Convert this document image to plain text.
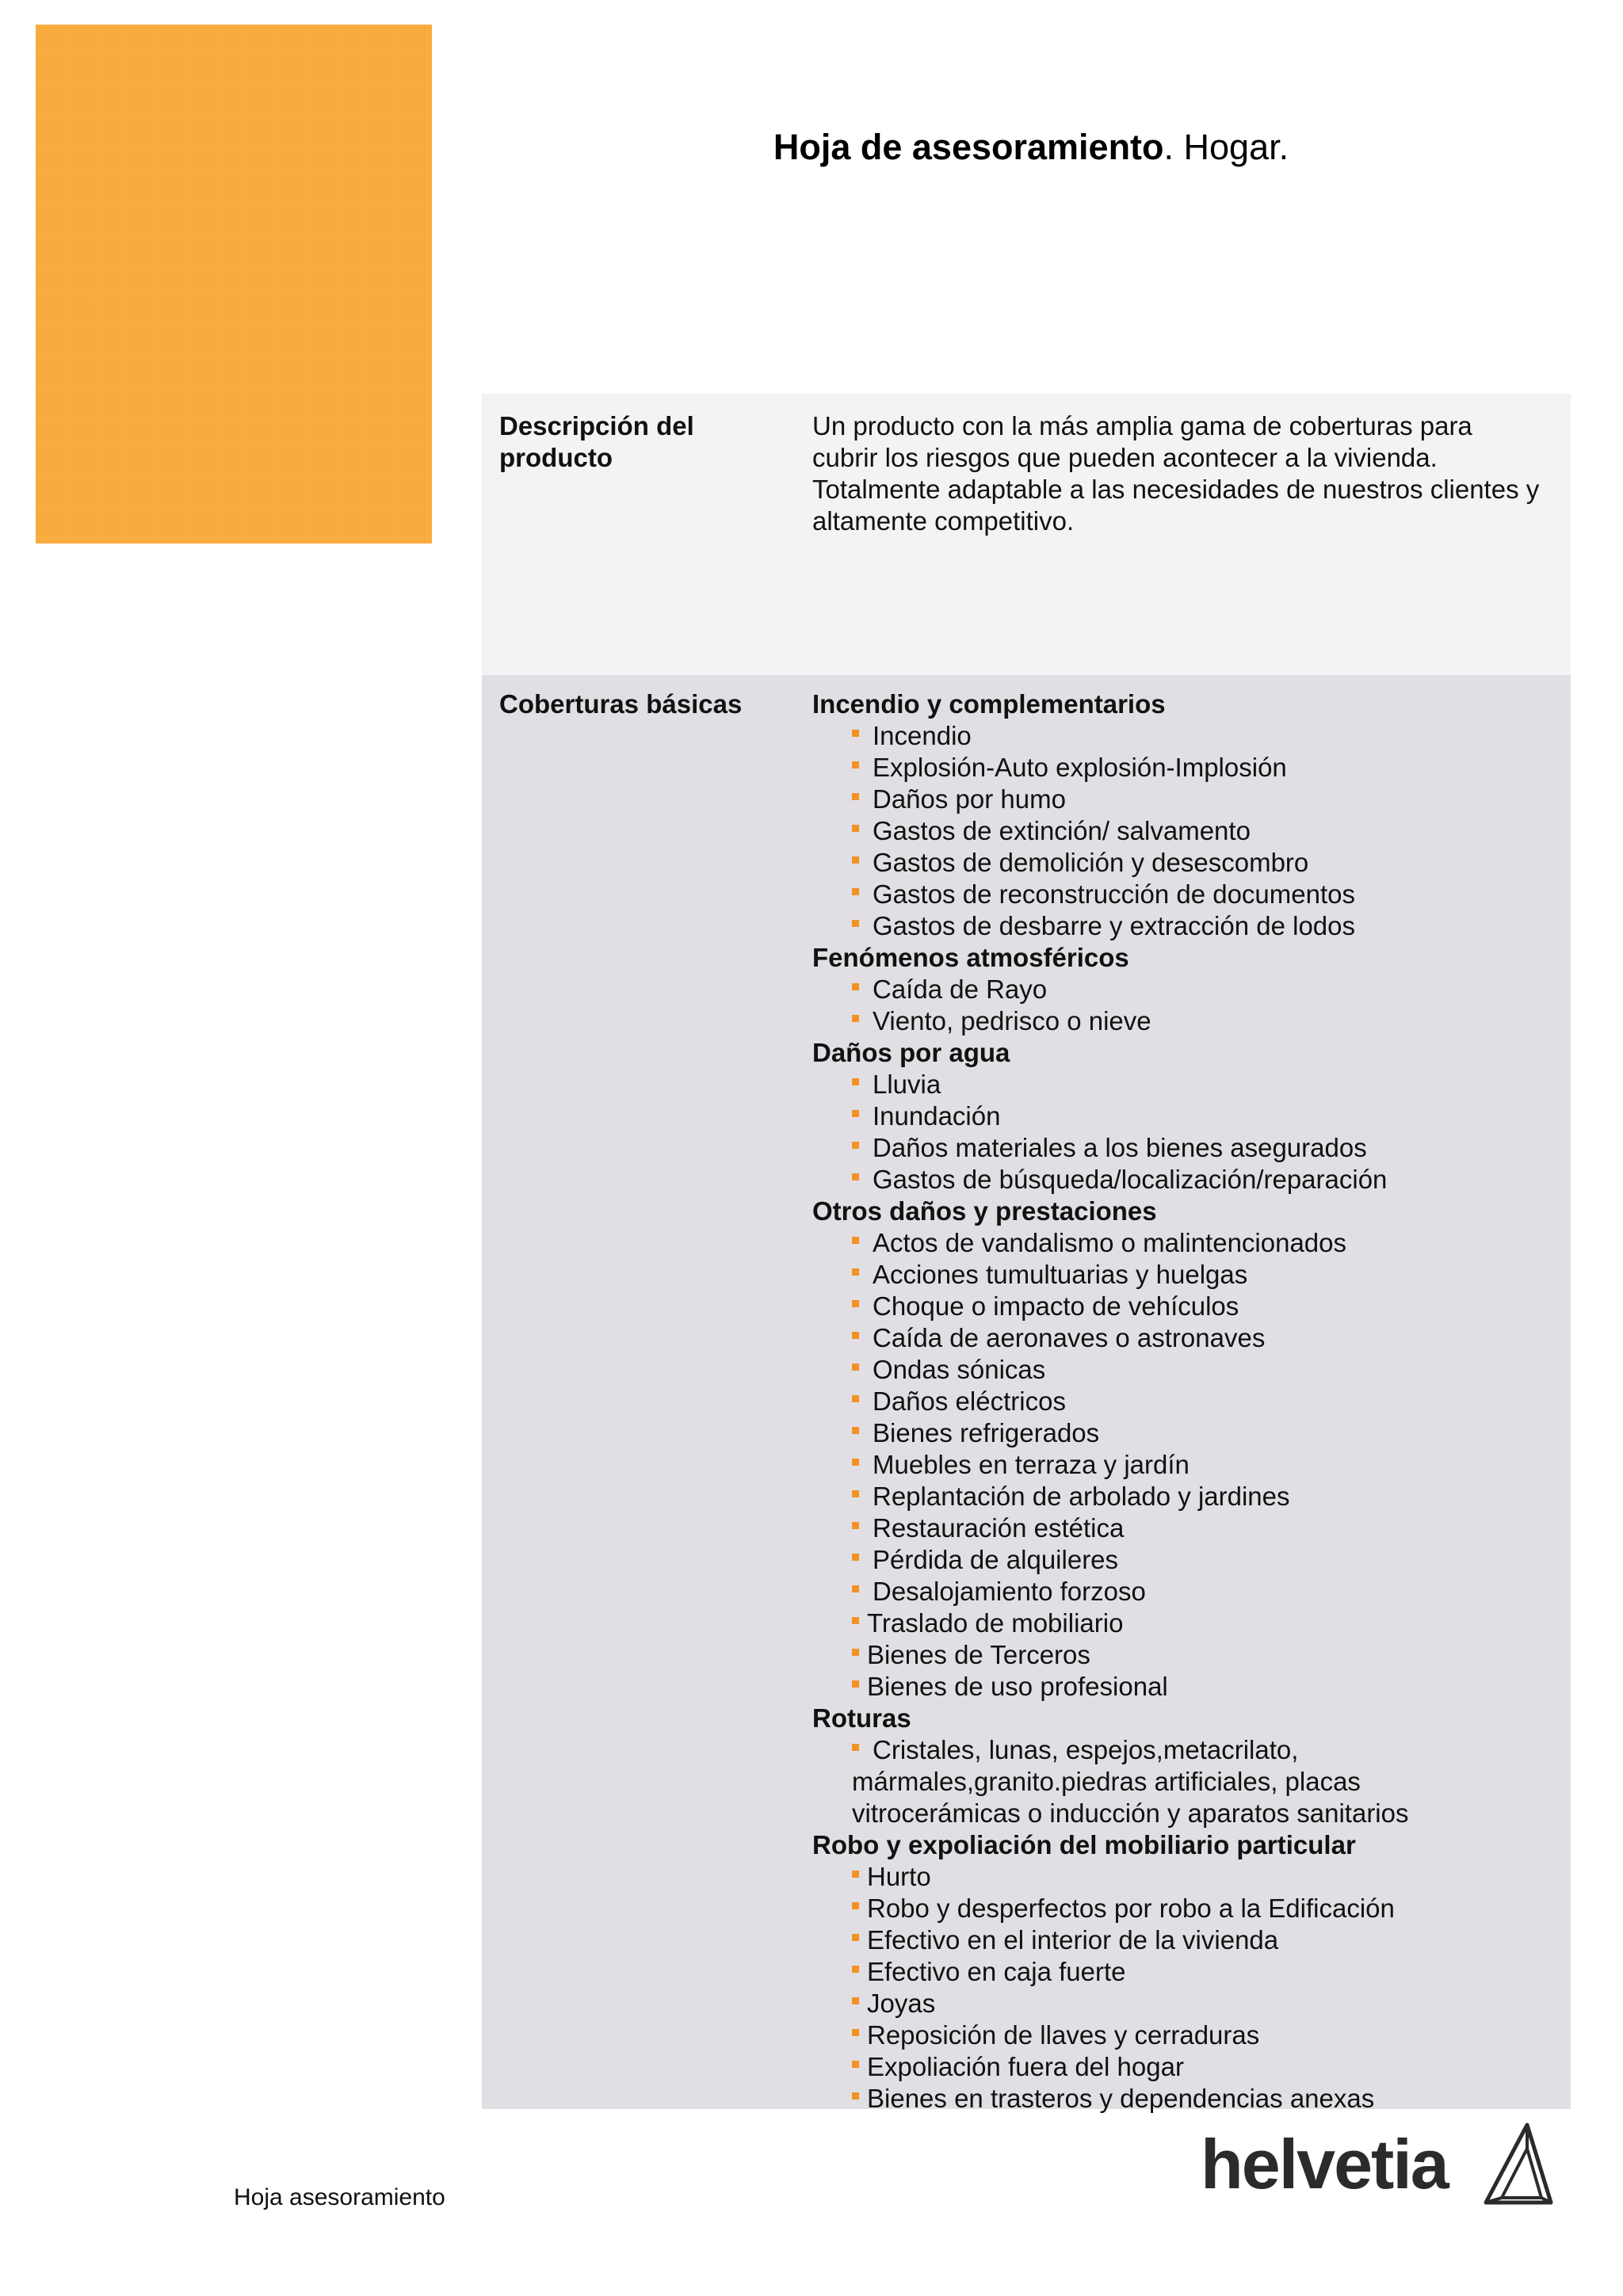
Hoja de asesoramiento. Hogar.
Descripción del producto

Un producto con la más amplia gama de coberturas para cubrir los riesgos que pueden acontecer a la vivienda. Totalmente adaptable a las necesidades de nuestros clientes y altamente competitivo.

Coberturas básicas	Incendio y complementarios
Incendio
Explosión-Auto explosión-Implosión
Daños por humo
Gastos de extinción/ salvamento
Gastos de demolición y desescombro
Gastos de reconstrucción de documentos
Gastos de desbarre y extracción de lodos
Fenómenos atmosféricos
Caída de Rayo
Viento, pedrisco o nieve
Daños por agua
Lluvia
Inundación
Daños materiales a los bienes asegurados
Gastos de búsqueda/localización/reparación
Otros daños y prestaciones
Actos de vandalismo o malintencionados
Acciones tumultuarias y huelgas
Choque o impacto de vehículos
Caída de aeronaves o astronaves
Ondas sónicas
Daños eléctricos
Bienes refrigerados
Muebles en terraza y jardín
Replantación de arbolado y jardines
Restauración estética
Pérdida de alquileres
Desalojamiento forzoso
Traslado de mobiliario
Bienes de Terceros
Bienes de uso profesional
Roturas
Cristales, lunas, espejos,metacrilato, mármales,granito.piedras artificiales, placas vitrocerámicas o inducción y aparatos sanitarios
Robo y expoliación del mobiliario particular
Hurto
Robo y desperfectos por robo a la Edificación
Efectivo en el interior de la vivienda
Efectivo en caja fuerte
Joyas
Reposición de llaves y cerraduras
Expoliación fuera del hogar
Bienes en trasteros y dependencias anexas
Hoja asesoramiento	helvetia
